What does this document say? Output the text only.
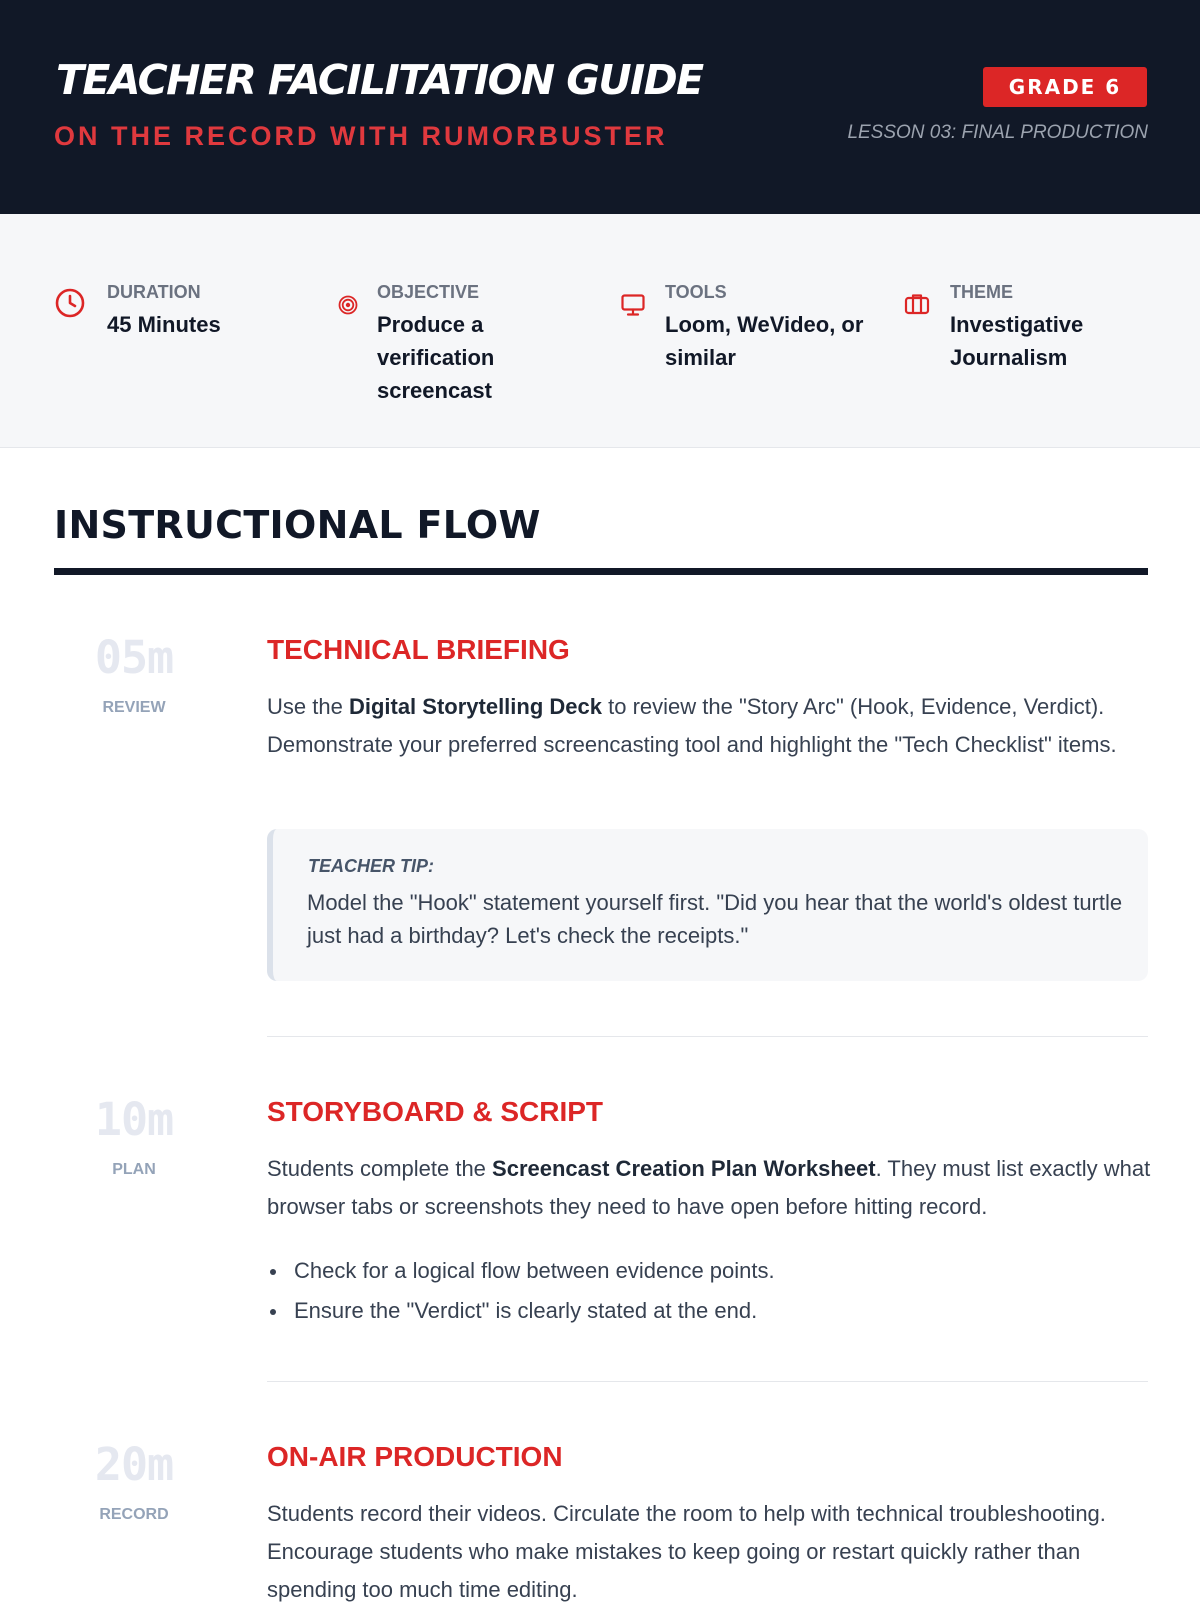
TEACHER FACILITATION GUIDE
ON THE RECORD WITH RUMORBUSTER
GRADE 6
LESSON 03: FINAL PRODUCTION
DURATION
45 Minutes
OBJECTIVE
Produce a verification screencast
TOOLS
Loom, WeVideo, or similar
THEME
Investigative Journalism
INSTRUCTIONAL FLOW
05m
REVIEW
TECHNICAL BRIEFING
Use the Digital Storytelling Deck to review the "Story Arc" (Hook, Evidence, Verdict). Demonstrate your preferred screencasting tool and highlight the "Tech Checklist" items.
TEACHER TIP:
Model the "Hook" statement yourself first. "Did you hear that the world's oldest turtle just had a birthday? Let's check the receipts."
10m
PLAN
STORYBOARD & SCRIPT
Students complete the Screencast Creation Plan Worksheet. They must list exactly what browser tabs or screenshots they need to have open before hitting record.
Check for a logical flow between evidence points.
Ensure the "Verdict" is clearly stated at the end.
20m
RECORD
ON-AIR PRODUCTION
Students record their videos. Circulate the room to help with technical troubleshooting. Encourage students who make mistakes to keep going or restart quickly rather than spending too much time editing.
